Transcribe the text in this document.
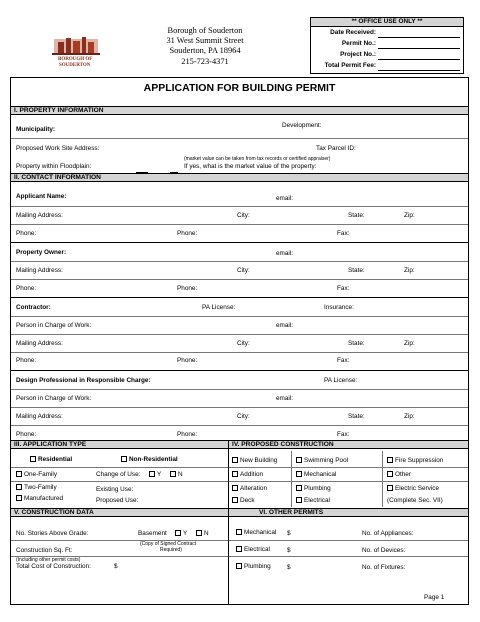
BOROUGH OF
SOUDERTON
Borough of Souderton
31 West Summit Street
Souderton, PA 18964
215-723-4371
** OFFICE USE ONLY **
Date Received:
Permit No.:
Project No.:
Total Permit Fee:
APPLICATION FOR BUILDING PERMIT
I. PROPERTY INFORMATION
Municipality:
Development:
Proposed Work Site Address:	Tax Parcel ID:
(market value can be taken from tax records or certified appraiser)
Property within Floodplain:	If yes, what is the market value of the property:
II. CONTACT INFORMATION
Applicant Name:	email:
Mailing Address:	City:	State:	Zip:
Phone:	Phone:	Fax:
Property Owner:	email:
Mailing Address:	City:	State:	Zip:
Phone:	Phone:	Fax:
Contractor:	PA License:	Insurance:
Person in Charge of Work:	email:
Mailing Address:	City:	State:	Zip:
Phone:	Phone:	Fax:
Design Professional in Responsible Charge:	PA License:
Person in Charge of Work:	email:
Mailing Address:	City:	State:	Zip:
Phone:	Phone:	Fax:
III. APPLICATION TYPE	IV. PROPOSED CONSTRUCTION
Residential	Non-Residential
One-Family	Change of Use:	Y	N
Two-Family	Existing Use:
Manufactured	Proposed Use:
New Building	Swimming Pool	Fire Suppression
Addition	Mechanical	Other
Alteration	Plumbing	Electric Service
Deck	Electrical	(Complete Sec. VII)
V. CONSTRUCTION DATA	VI. OTHER PERMITS
No. Stories Above Grade:	Basement	Y	N
(Copy of Signed Contract
Required)
Construction Sq. Ft:
(Including other permit costs)
Total Cost of Construction:	$
Mechanical $	No. of Appliances:
Electrical	$	No. of Devices:
Plumbing	$	No. of Fixtures:
Page 1
